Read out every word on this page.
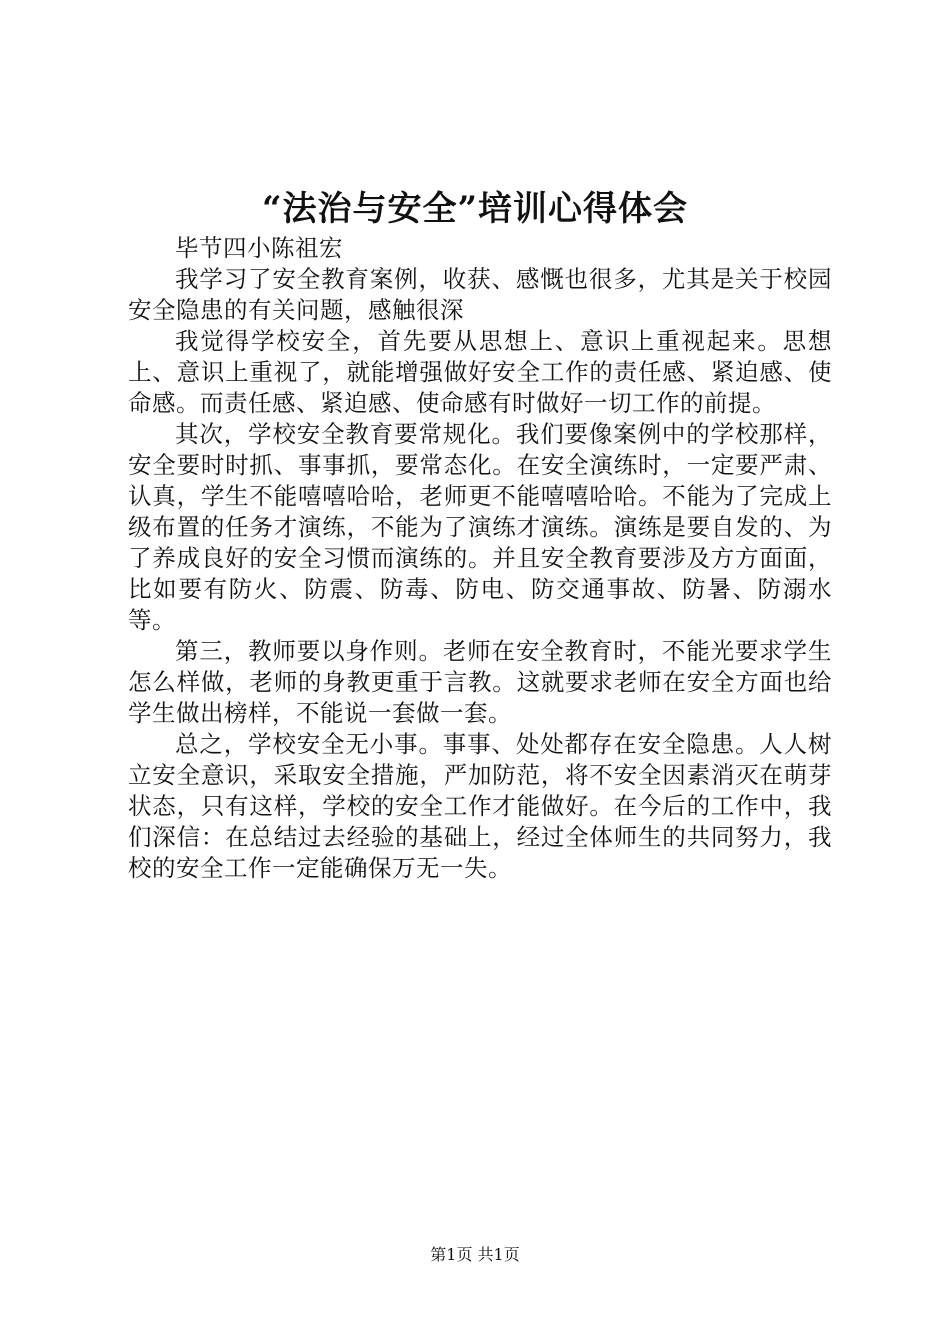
“法治与安全”培训心得体会

毕节四小陈祖宏

我学习了安全教育案例，收获、感慨也很多，尤其是关于校园安全隐患的有关问题，感触很深

我觉得学校安全，首先要从思想上、意识上重视起来。思想上、意识上重视了，就能增强做好安全工作的责任感、紧迫感、使命感。而责任感、紧迫感、使命感有时做好一切工作的前提。

其次，学校安全教育要常规化。我们要像案例中的学校那样，安全要时时抓、事事抓，要常态化。在安全演练时，一定要严肃、认真，学生不能嘻嘻哈哈，老师更不能嘻嘻哈哈。不能为了完成上级布置的任务才演练，不能为了演练才演练。演练是要自发的、为了养成良好的安全习惯而演练的。并且安全教育要涉及方方面面，比如要有防火、防震、防毒、防电、防交通事故、防暑、防溺水等。

第三，教师要以身作则。老师在安全教育时，不能光要求学生怎么样做，老师的身教更重于言教。这就要求老师在安全方面也给学生做出榜样，不能说一套做一套。

总之，学校安全无小事。事事、处处都存在安全隐患。人人树立安全意识，采取安全措施，严加防范，将不安全因素消灭在萌芽状态，只有这样，学校的安全工作才能做好。在今后的工作中，我们深信：在总结过去经验的基础上，经过全体师生的共同努力，我校的安全工作一定能确保万无一失。

第1页 共1页
